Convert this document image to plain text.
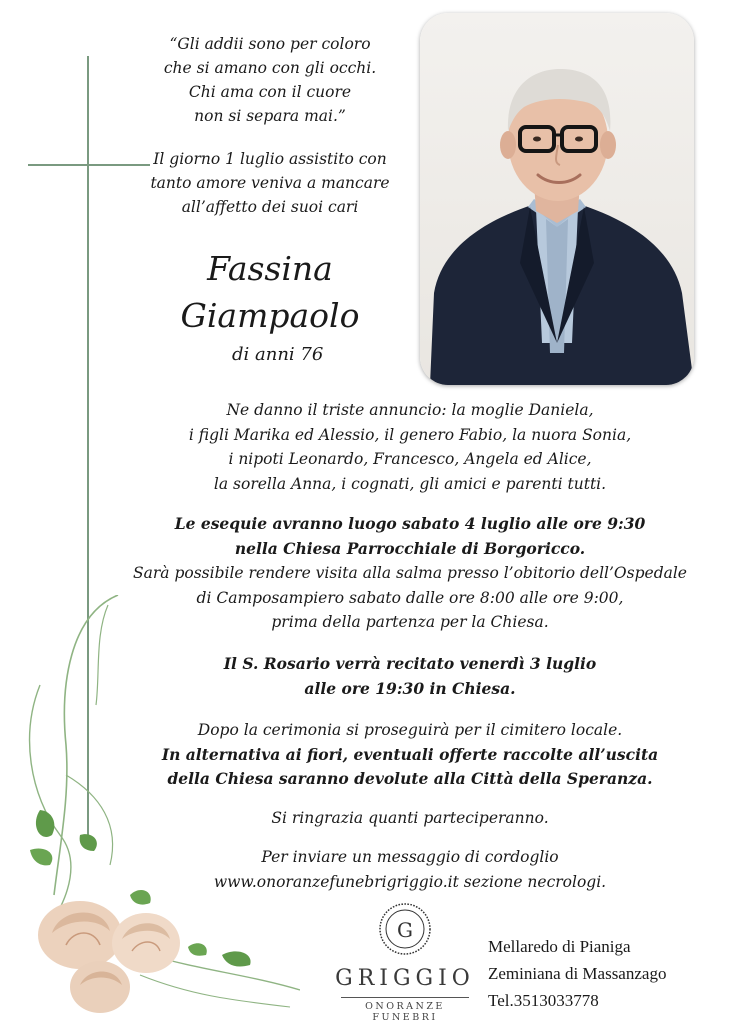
“Gli addii sono per coloro
che si amano con gli occhi.
Chi ama con il cuore
non si separa mai.”
Il giorno 1 luglio assistito con
tanto amore veniva a mancare
all’affetto dei suoi cari
Fassina
Giampaolo
di anni 76

Ne danno il triste annuncio: la moglie Daniela,

i figli Marika ed Alessio, il genero Fabio, la nuora Sonia,

i nipoti Leonardo, Francesco, Angela ed Alice,

la sorella Anna, i cognati, gli amici e parenti tutti.

Le esequie avranno luogo sabato 4 luglio alle ore 9:30

nella Chiesa Parrocchiale di Borgoricco.

Sarà possibile rendere visita alla salma presso l’obitorio dell’Ospedale

di Camposampiero sabato dalle ore 8:00 alle ore 9:00,

prima della partenza per la Chiesa.

Il S. Rosario verrà recitato venerdì 3 luglio

alle ore 19:30 in Chiesa.

Dopo la cerimonia si proseguirà per il cimitero locale.

In alternativa ai fiori, eventuali offerte raccolte all’uscita

della Chiesa saranno devolute alla Città della Speranza.

Si ringrazia quanti parteciperanno.

Per inviare un messaggio di cordoglio

www.onoranzefunebrigriggio.it sezione necrologi.

G
GRIGGIO
ONORANZE FUNEBRI
Mellaredo di Pianiga
Zeminiana di Massanzago
Tel.3513033778
